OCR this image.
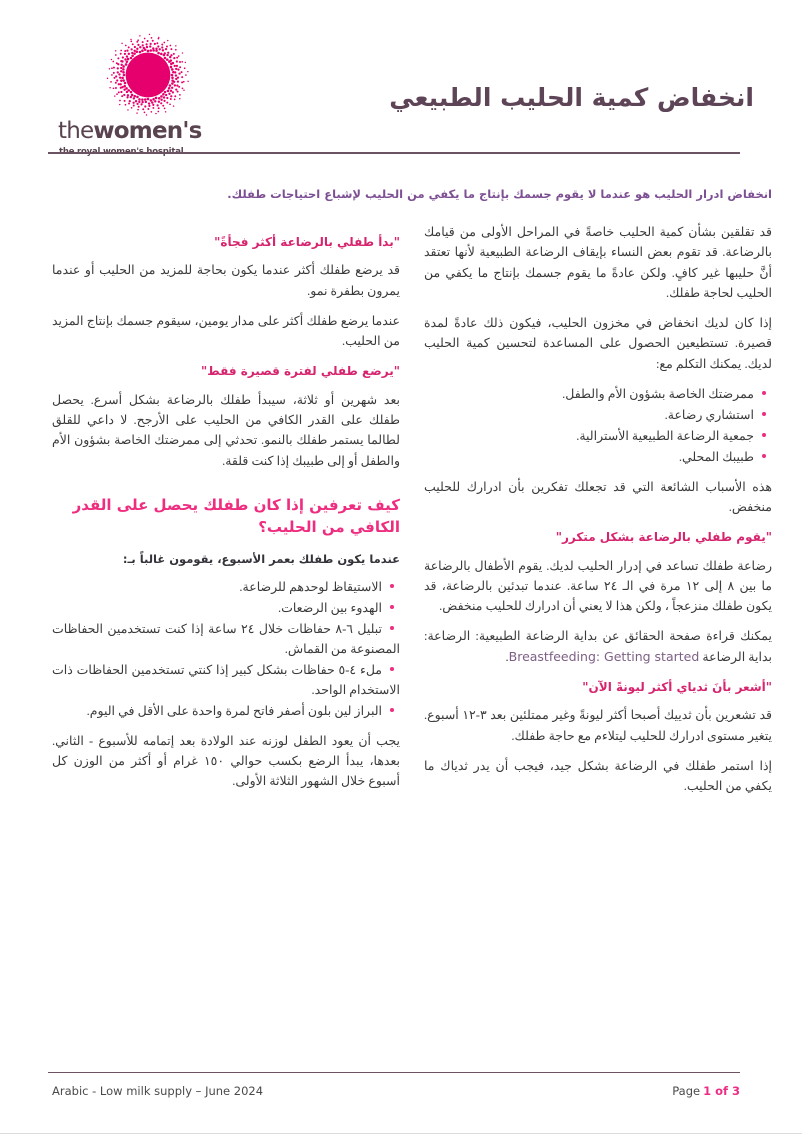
thewomen's
انخفاض كمية الحليب الطبيعي
انخفاض ادرار الحليب هو عندما لا يقوم جسمك بإنتاج ما يكفي من الحليب لإشباع احتياجات طفلك.

قد تقلقين بشأن كمية الحليب خاصةً في المراحل الأولى من قيامك بالرضاعة. قد تقوم بعض النساء بإيقاف الرضاعة الطبيعية لأنها تعتقد أنَّ حليبها غير كافٍ. ولكن عادةً ما يقوم جسمك بإنتاج ما يكفي من الحليب لحاجة طفلك.

إذا كان لديك انخفاض في مخزون الحليب، فيكون ذلك عادةً لمدة قصيرة. تستطيعين الحصول على المساعدة لتحسين كمية الحليب لديك. يمكنك التكلم مع:

ممرضتك الخاصة بشؤون الأم والطفل.
استشاري رضاعة.
جمعية الرضاعة الطبيعية الأسترالية.
طبيبك المحلي.

هذه الأسباب الشائعة التي قد تجعلك تفكرين بأن ادرارك للحليب منخفض.

"يقوم طفلي بالرضاعة بشكل متكرر"

رضاعة طفلك تساعد في إدرار الحليب لديك. يقوم الأطفال بالرضاعة ما بين ٨ إلى ١٢ مرة في الـ ٢٤ ساعة. عندما تبدئين بالرضاعة، قد يكون طفلك منزعجاً ، ولكن هذا لا يعني أن ادرارك للحليب منخفض.

يمكنك قراءة صفحة الحقائق عن بداية الرضاعة الطبيعية: الرضاعة: بداية الرضاعة Breastfeeding: Getting started.

"أشعر بأنَ ثدياي أكثر ليونةً الآن"

قد تشعرين بأن ثدييك أصبحا أكثر ليونةً وغير ممتلئين بعد ٣-١٢ أسبوع. يتغير مستوى ادرارك للحليب ليتلاءم مع حاجة طفلك.

إذا استمر طفلك في الرضاعة بشكل جيد، فيجب أن يدر ثدياك ما يكفي من الحليب.

"بدأ طفلي بالرضاعة أكثر فجأةً"

قد يرضع طفلك أكثر عندما يكون بحاجة للمزيد من الحليب أو عندما يمرون بطفرة نمو.

عندما يرضع طفلك أكثر على مدار يومين، سيقوم جسمك بإنتاج المزيد من الحليب.

"يرضع طفلي لفترة قصيرة فقط"

بعد شهرين أو ثلاثة، سيبدأ طفلك بالرضاعة بشكل أسرع. يحصل طفلك على القدر الكافي من الحليب على الأرجح. لا داعي للقلق لطالما يستمر طفلك بالنمو. تحدثي إلى ممرضتك الخاصة بشؤون الأم والطفل أو إلى طبيبك إذا كنت قلقة.

كيف تعرفين إذا كان طفلك يحصل على القدر الكافي من الحليب؟

عندما يكون طفلك بعمر الأسبوع، يقومون غالباً بـ:

الاستيقاظ لوحدهم للرضاعة.
الهدوء بين الرضعات.
تبليل ٦-٨ حفاظات خلال ٢٤ ساعة إذا كنت تستخدمين الحفاظات المصنوعة من القماش.
ملء ٤-٥ حفاظات بشكل كبير إذا كنتي تستخدمين الحفاظات ذات الاستخدام الواحد.
البراز لين بلون أصفر فاتح لمرة واحدة على الأقل في اليوم.

يجب أن يعود الطفل لوزنه عند الولادة بعد إتمامه للأسبوع - الثاني. بعدها، يبدأ الرضع بكسب حوالي ١٥٠ غرام أو أكثر من الوزن كل أسبوع خلال الشهور الثلاثة الأولى.

Arabic - Low milk supply – June 2024	Page 1 of 3
